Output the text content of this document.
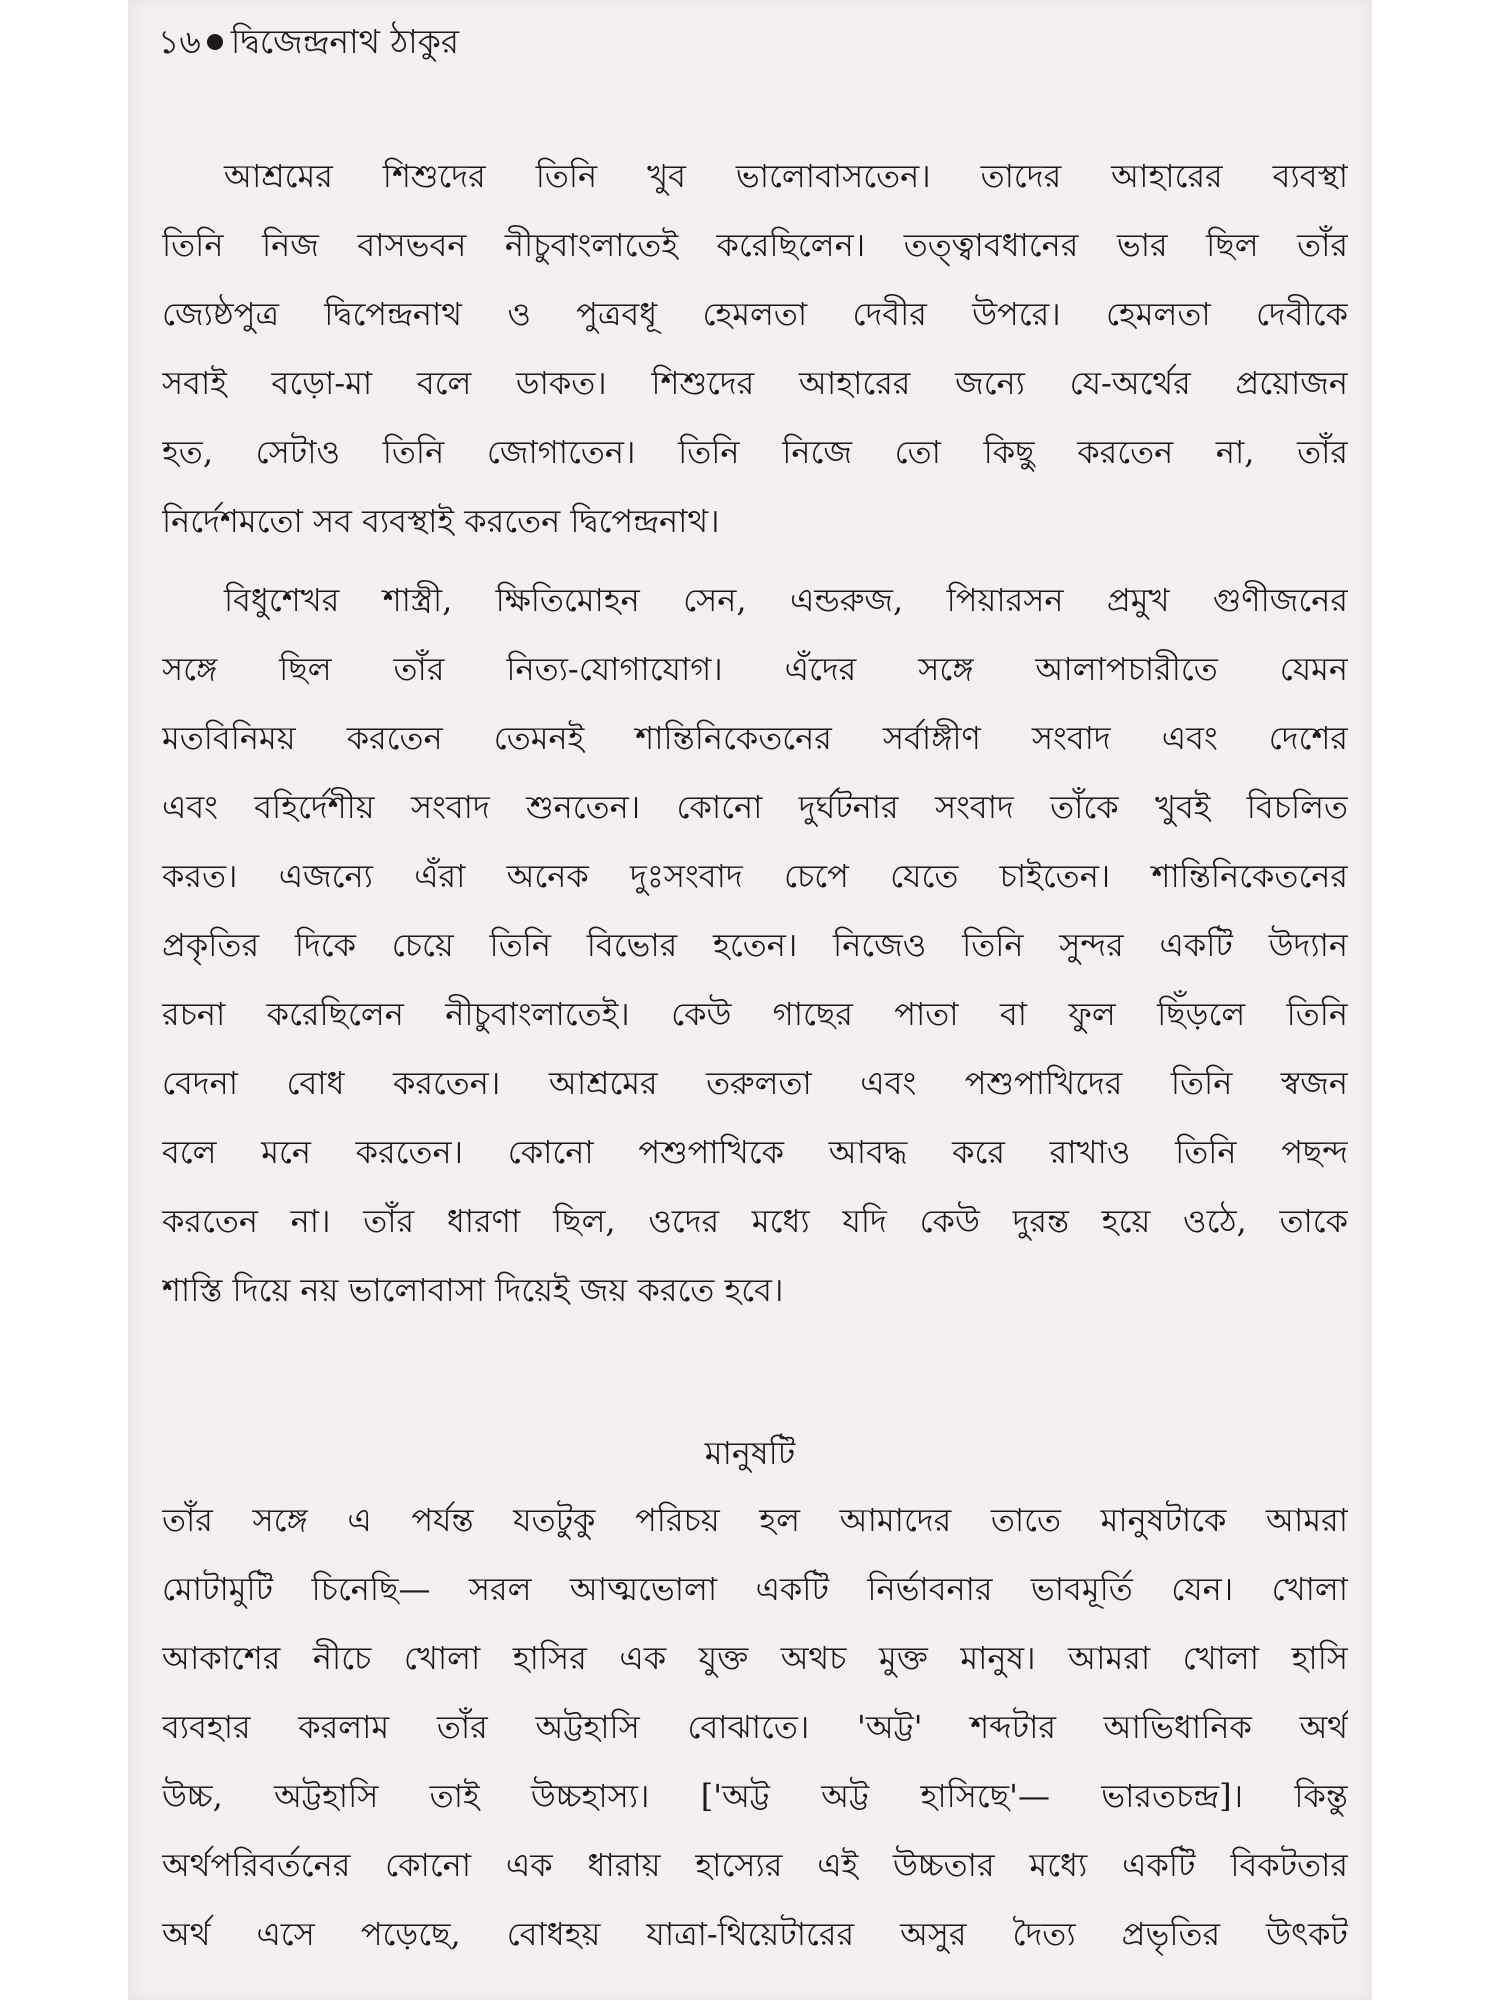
১৬ দ্বিজেন্দ্রনাথ ঠাকুর
আশ্রমের শিশুদের তিনি খুব ভালোবাসতেন। তাদের আহারের ব্যবস্থা
তিনি নিজ বাসভবন নীচুবাংলাতেই করেছিলেন। তত্ত্বাবধানের ভার ছিল তাঁর
জ্যেষ্ঠপুত্র দ্বিপেন্দ্রনাথ ও পুত্রবধূ হেমলতা দেবীর উপরে। হেমলতা দেবীকে
সবাই বড়ো-মা বলে ডাকত। শিশুদের আহারের জন্যে যে-অর্থের প্রয়োজন
হত, সেটাও তিনি জোগাতেন। তিনি নিজে তো কিছু করতেন না, তাঁর
নির্দেশমতো সব ব্যবস্থাই করতেন দ্বিপেন্দ্রনাথ।
বিধুশেখর শাস্ত্রী, ক্ষিতিমোহন সেন, এন্ডরুজ, পিয়ারসন প্রমুখ গুণীজনের
সঙ্গে ছিল তাঁর নিত্য-যোগাযোগ। এঁদের সঙ্গে আলাপচারীতে যেমন
মতবিনিময় করতেন তেমনই শান্তিনিকেতনের সর্বাঙ্গীণ সংবাদ এবং দেশের
এবং বহির্দেশীয় সংবাদ শুনতেন। কোনো দুর্ঘটনার সংবাদ তাঁকে খুবই বিচলিত
করত। এজন্যে এঁরা অনেক দুঃসংবাদ চেপে যেতে চাইতেন। শান্তিনিকেতনের
প্রকৃতির দিকে চেয়ে তিনি বিভোর হতেন। নিজেও তিনি সুন্দর একটি উদ্যান
রচনা করেছিলেন নীচুবাংলাতেই। কেউ গাছের পাতা বা ফুল ছিঁড়লে তিনি
বেদনা বোধ করতেন। আশ্রমের তরুলতা এবং পশুপাখিদের তিনি স্বজন
বলে মনে করতেন। কোনো পশুপাখিকে আবদ্ধ করে রাখাও তিনি পছন্দ
করতেন না। তাঁর ধারণা ছিল, ওদের মধ্যে যদি কেউ দুরন্ত হয়ে ওঠে, তাকে
শাস্তি দিয়ে নয় ভালোবাসা দিয়েই জয় করতে হবে।
মানুষটি
তাঁর সঙ্গে এ পর্যন্ত যতটুকু পরিচয় হল আমাদের তাতে মানুষটাকে আমরা
মোটামুটি চিনেছি— সরল আত্মভোলা একটি নির্ভাবনার ভাবমূর্তি যেন। খোলা
আকাশের নীচে খোলা হাসির এক যুক্ত অথচ মুক্ত মানুষ। আমরা খোলা হাসি
ব্যবহার করলাম তাঁর অট্টহাসি বোঝাতে। 'অট্ট' শব্দটার আভিধানিক অর্থ
উচ্চ, অট্টহাসি তাই উচ্চহাস্য। ['অট্ট অট্ট হাসিছে'— ভারতচন্দ্র]। কিন্তু
অর্থপরিবর্তনের কোনো এক ধারায় হাস্যের এই উচ্চতার মধ্যে একটি বিকটতার
অর্থ এসে পড়েছে, বোধহয় যাত্রা-থিয়েটারের অসুর দৈত্য প্রভৃতির উৎকট
